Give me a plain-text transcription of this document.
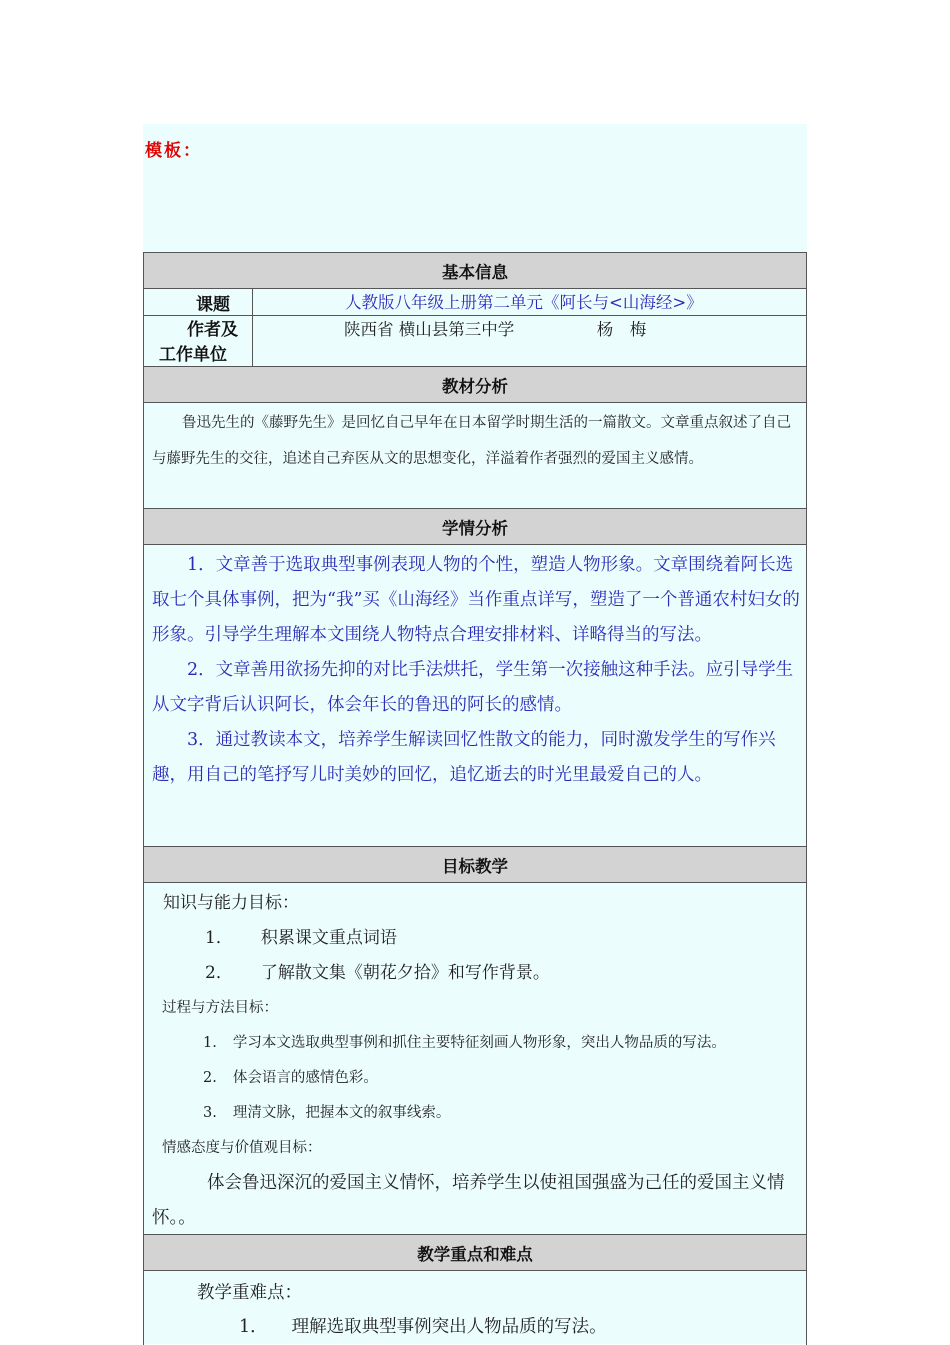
模板：
基本信息
课题	人教版八年级上册第二单元《阿长与<山海经>》
作者及
工作单位
陕西省 横山县第三中学	杨　梅
教材分析
鲁迅先生的《藤野先生》是回忆自己早年在日本留学时期生活的一篇散文。文章重点叙述了自己与藤野先生的交往，追述自己弃医从文的思想变化，洋溢着作者强烈的爱国主义感情。
学情分析

1．文章善于选取典型事例表现人物的个性，塑造人物形象。文章围绕着阿长选取七个具体事例，把为“我”买《山海经》当作重点详写，塑造了一个普通农村妇女的形象。引导学生理解本文围绕人物特点合理安排材料、详略得当的写法。

2．文章善用欲扬先抑的对比手法烘托，学生第一次接触这种手法。应引导学生从文字背后认识阿长，体会年长的鲁迅的阿长的感情。

3．通过教读本文，培养学生解读回忆性散文的能力，同时激发学生的写作兴趣，用自己的笔抒写儿时美妙的回忆，追忆逝去的时光里最爱自己的人。

目标教学
知识与能力目标：
1． 积累课文重点词语
2． 了解散文集《朝花夕拾》和写作背景。
过程与方法目标：
1. 学习本文选取典型事例和抓住主要特征刻画人物形象，突出人物品质的写法。
2. 体会语言的感情色彩。
3. 理清文脉，把握本文的叙事线索。
情感态度与价值观目标：
体会鲁迅深沉的爱国主义情怀，培养学生以使祖国强盛为己任的爱国主义情怀。。
教学重点和难点
教学重难点：
1． 理解选取典型事例突出人物品质的写法。
